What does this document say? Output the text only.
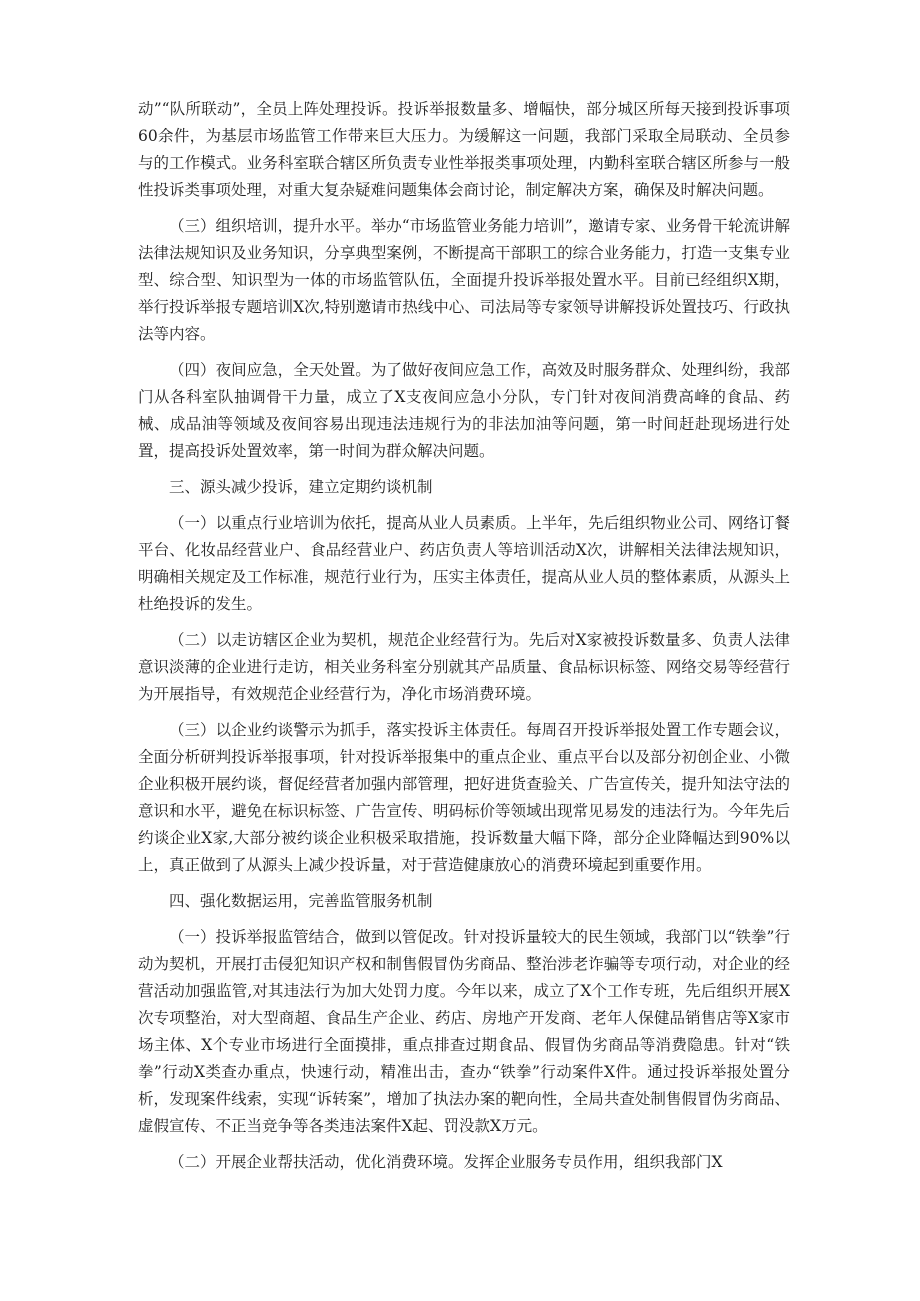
动”“队所联动”，全员上阵处理投诉。投诉举报数量多、增幅快，部分城区所每天接到投诉事项60余件，为基层市场监管工作带来巨大压力。为缓解这一问题，我部门采取全局联动、全员参与的工作模式。业务科室联合辖区所负责专业性举报类事项处理，内勤科室联合辖区所参与一般性投诉类事项处理，对重大复杂疑难问题集体会商讨论，制定解决方案，确保及时解决问题。

（三）组织培训，提升水平。举办“市场监管业务能力培训”，邀请专家、业务骨干轮流讲解法律法规知识及业务知识，分享典型案例，不断提高干部职工的综合业务能力，打造一支集专业型、综合型、知识型为一体的市场监管队伍，全面提升投诉举报处置水平。目前已经组织X期，举行投诉举报专题培训X次,特别邀请市热线中心、司法局等专家领导讲解投诉处置技巧、行政执法等内容。

（四）夜间应急，全天处置。为了做好夜间应急工作，高效及时服务群众、处理纠纷，我部门从各科室队抽调骨干力量，成立了X支夜间应急小分队，专门针对夜间消费高峰的食品、药械、成品油等领域及夜间容易出现违法违规行为的非法加油等问题，第一时间赶赴现场进行处置，提高投诉处置效率，第一时间为群众解决问题。

三、源头减少投诉，建立定期约谈机制

（一）以重点行业培训为依托，提高从业人员素质。上半年，先后组织物业公司、网络订餐平台、化妆品经营业户、食品经营业户、药店负责人等培训活动X次，讲解相关法律法规知识，明确相关规定及工作标准，规范行业行为，压实主体责任，提高从业人员的整体素质，从源头上杜绝投诉的发生。

（二）以走访辖区企业为契机，规范企业经营行为。先后对X家被投诉数量多、负责人法律意识淡薄的企业进行走访，相关业务科室分别就其产品质量、食品标识标签、网络交易等经营行为开展指导，有效规范企业经营行为，净化市场消费环境。

（三）以企业约谈警示为抓手，落实投诉主体责任。每周召开投诉举报处置工作专题会议，全面分析研判投诉举报事项，针对投诉举报集中的重点企业、重点平台以及部分初创企业、小微企业积极开展约谈，督促经营者加强内部管理，把好进货查验关、广告宣传关，提升知法守法的意识和水平，避免在标识标签、广告宣传、明码标价等领域出现常见易发的违法行为。今年先后约谈企业X家,大部分被约谈企业积极采取措施，投诉数量大幅下降，部分企业降幅达到90%以上，真正做到了从源头上减少投诉量，对于营造健康放心的消费环境起到重要作用。

四、强化数据运用，完善监管服务机制

（一）投诉举报监管结合，做到以管促改。针对投诉量较大的民生领域，我部门以“铁拳”行动为契机，开展打击侵犯知识产权和制售假冒伪劣商品、整治涉老诈骗等专项行动，对企业的经营活动加强监管,对其违法行为加大处罚力度。今年以来，成立了X个工作专班，先后组织开展X次专项整治，对大型商超、食品生产企业、药店、房地产开发商、老年人保健品销售店等X家市场主体、X个专业市场进行全面摸排，重点排查过期食品、假冒伪劣商品等消费隐患。针对“铁拳”行动X类查办重点，快速行动，精准出击，查办“铁拳”行动案件X件。通过投诉举报处置分析，发现案件线索，实现“诉转案”，增加了执法办案的靶向性，全局共查处制售假冒伪劣商品、虚假宣传、不正当竞争等各类违法案件X起、罚没款X万元。

（二）开展企业帮扶活动，优化消费环境。发挥企业服务专员作用，组织我部门X
